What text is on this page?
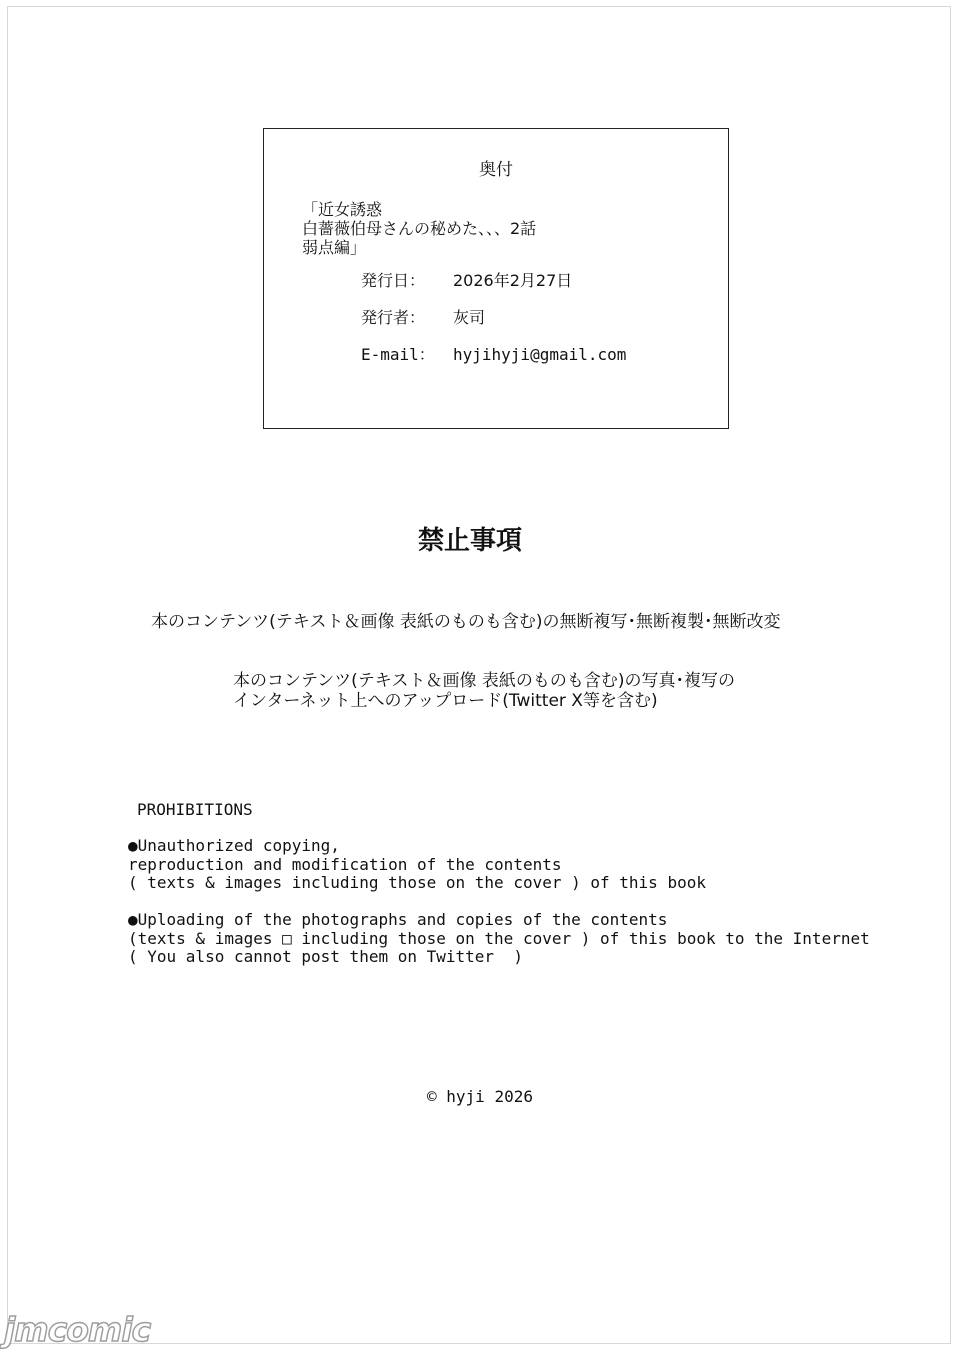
奥付
「近女誘惑
白薔薇伯母さんの秘めた、、、2話
弱点編」
発行日： 2026年2月27日
発行者： 灰司
E-mail： hyjihyji@gmail.com
禁止事項
本のコンテンツ(テキスト＆画像 表紙のものも含む)の無断複写･無断複製･無断改変
本のコンテンツ(テキスト＆画像 表紙のものも含む)の写真･複写の
インターネット上へのアップロード(Twitter X等を含む)
PROHIBITIONS
●Unauthorized copying,
reproduction and modification of the contents
( texts & images including those on the cover ) of this book
●Uploading of the photographs and copies of the contents
(texts & images □ including those on the cover ) of this book to the Internet
( You also cannot post them on Twitter  )
© hyji 2026
jmcomic
